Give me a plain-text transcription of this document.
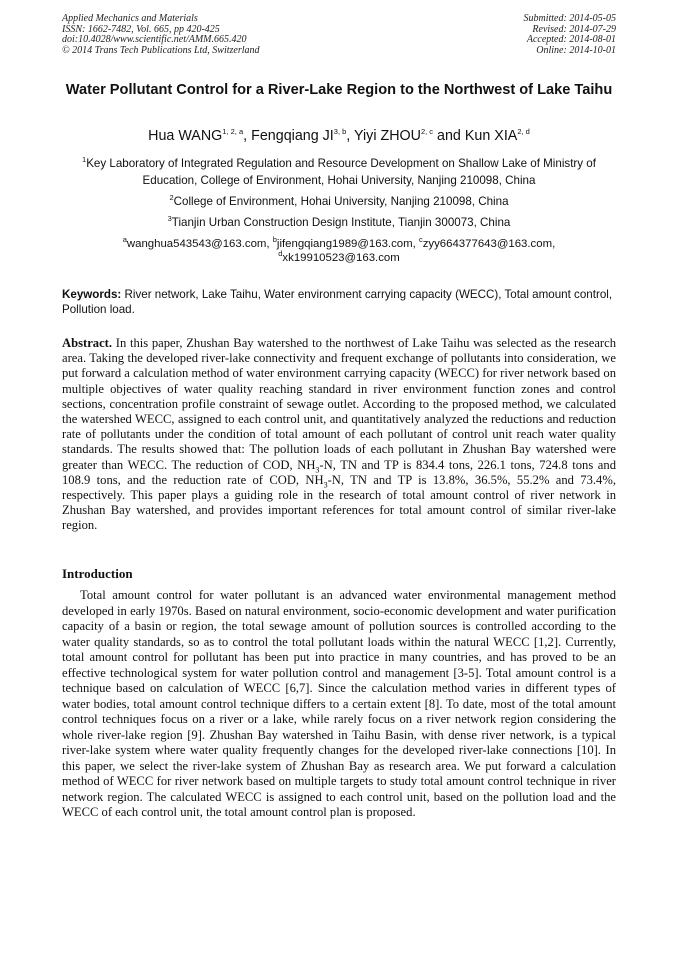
Applied Mechanics and Materials
ISSN: 1662-7482, Vol. 665, pp 420-425
doi:10.4028/www.scientific.net/AMM.665.420
© 2014 Trans Tech Publications Ltd, Switzerland
Submitted: 2014-05-05
Revised: 2014-07-29
Accepted: 2014-08-01
Online: 2014-10-01
Water Pollutant Control for a River-Lake Region to the Northwest of Lake Taihu
Hua WANG$^{1, 2, a}$, Fengqiang JI$^{3, b}$, Yiyi ZHOU$^{2, c}$ and Kun XIA$^{2, d}$
$^1$Key Laboratory of Integrated Regulation and Resource Development on Shallow Lake of Ministry of Education, College of Environment, Hohai University, Nanjing 210098, China
$^2$College of Environment, Hohai University, Nanjing 210098, China
$^3$Tianjin Urban Construction Design Institute, Tianjin 300073, China
$^a$wanghua543543@163.com, $^b$jifengqiang1989@163.com, $^c$zyy664377643@163.com,
$^d$xk19910523@163.com
Keywords: River network, Lake Taihu, Water environment carrying capacity (WECC), Total amount control, Pollution load.
Abstract. In this paper, Zhushan Bay watershed to the northwest of Lake Taihu was selected as the research area. Taking the developed river-lake connectivity and frequent exchange of pollutants into consideration, we put forward a calculation method of water environment carrying capacity (WECC) for river network based on multiple objectives of water quality reaching standard in river environment function zones and control sections, concentration profile constraint of sewage outlet. According to the proposed method, we calculated the watershed WECC, assigned to each control unit, and quantitatively analyzed the reductions and reduction rate of pollutants under the condition of total amount of each pollutant of control unit reach water quality standards. The results showed that: The pollution loads of each pollutant in Zhushan Bay watershed were greater than WECC. The reduction of COD, $NH_3-N$, TN and TP is 834.4 tons, 226.1 tons, 724.8 tons and 108.9 tons, and the reduction rate of COD, $NH_3-N$, TN and TP is 13.8%, 36.5%, 55.2% and 73.4%, respectively. This paper plays a guiding role in the research of total amount control of river network in Zhushan Bay watershed, and provides important references for total amount control of similar river-lake region.
Introduction
Total amount control for water pollutant is an advanced water environmental management method developed in early 1970s. Based on natural environment, socio-economic development and water purification capacity of a basin or region, the total sewage amount of pollution sources is controlled according to the water quality standards, so as to control the total pollutant loads within the natural WECC [1,2]. Currently, total amount control for pollutant has been put into practice in many countries, and has proved to be an effective technological system for water pollution control and management [3-5]. Total amount control is a technique based on calculation of WECC [6,7]. Since the calculation method varies in different types of water bodies, total amount control technique differs to a certain extent [8]. To date, most of the total amount control techniques focus on a river or a lake, while rarely focus on a river network region considering the whole river-lake region [9]. Zhushan Bay watershed in Taihu Basin, with dense river network, is a typical river-lake system where water quality frequently changes for the developed river-lake connections [10]. In this paper, we select the river-lake system of Zhushan Bay as research area. We put forward a calculation method of WECC for river network based on multiple targets to study total amount control technique in river network region. The calculated WECC is assigned to each control unit, based on the pollution load and the WECC of each control unit, the total amount control plan is proposed.
